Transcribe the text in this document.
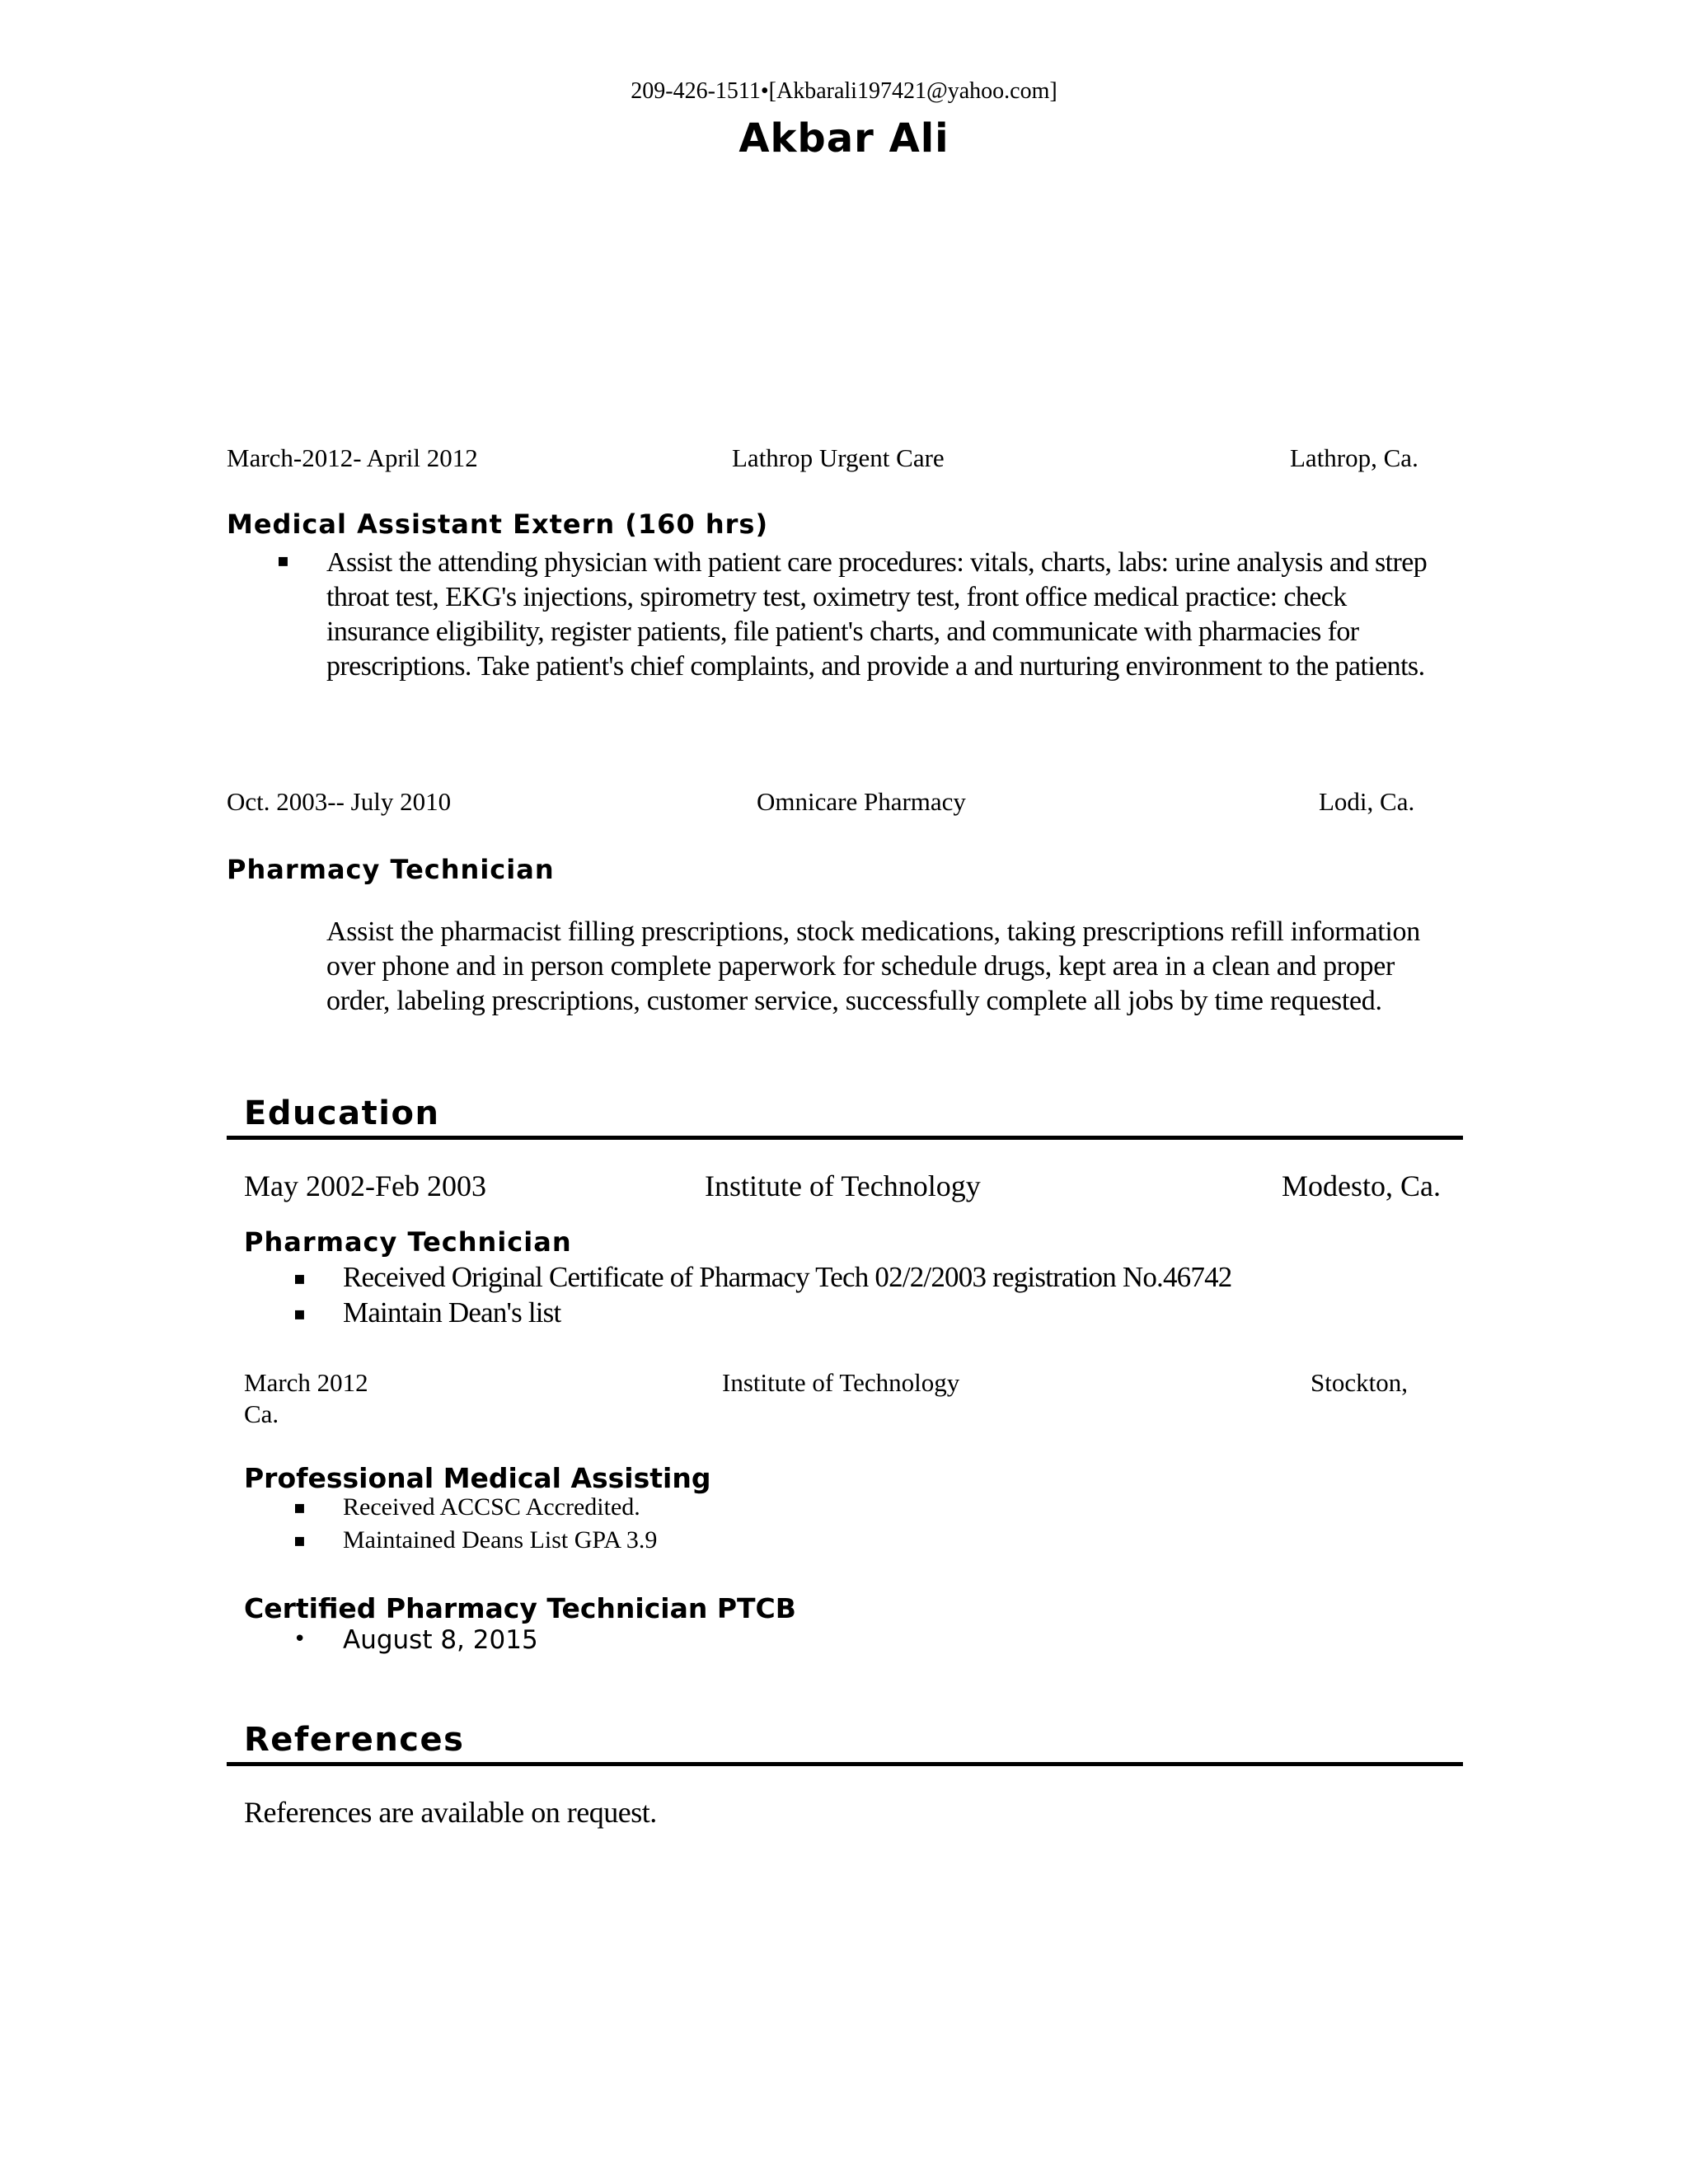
209-426-1511•[Akbarali197421@yahoo.com]
Akbar Ali
March-2012- April 2012	Lathrop Urgent Care	Lathrop, Ca.
Medical Assistant Extern (160 hrs)
▪ Assist the attending physician with patient care procedures: vitals, charts, labs: urine analysis and strep throat test, EKG's injections, spirometry test, oximetry test, front office medical practice: check insurance eligibility, register patients, file patient's charts, and communicate with pharmacies for prescriptions. Take patient's chief complaints, and provide a and nurturing environment to the patients.
Oct. 2003-- July 2010	Omnicare Pharmacy	Lodi, Ca.
Pharmacy Technician
Assist the pharmacist filling prescriptions, stock medications, taking prescriptions refill information over phone and in person complete paperwork for schedule drugs, kept area in a clean and proper order, labeling prescriptions, customer service, successfully complete all jobs by time requested.
Education
May 2002-Feb 2003	Institute of Technology	Modesto, Ca.
Pharmacy Technician
▪ Received Original Certificate of Pharmacy Tech 02/2/2003 registration No.46742
▪ Maintain Dean's list
March 2012	Institute of Technology	Stockton,
Ca.
Professional Medical Assisting
▪ Received ACCSC Accredited.
▪ Maintained Deans List GPA 3.9
Certified Pharmacy Technician PTCB
• August 8, 2015
References
References are available on request.
